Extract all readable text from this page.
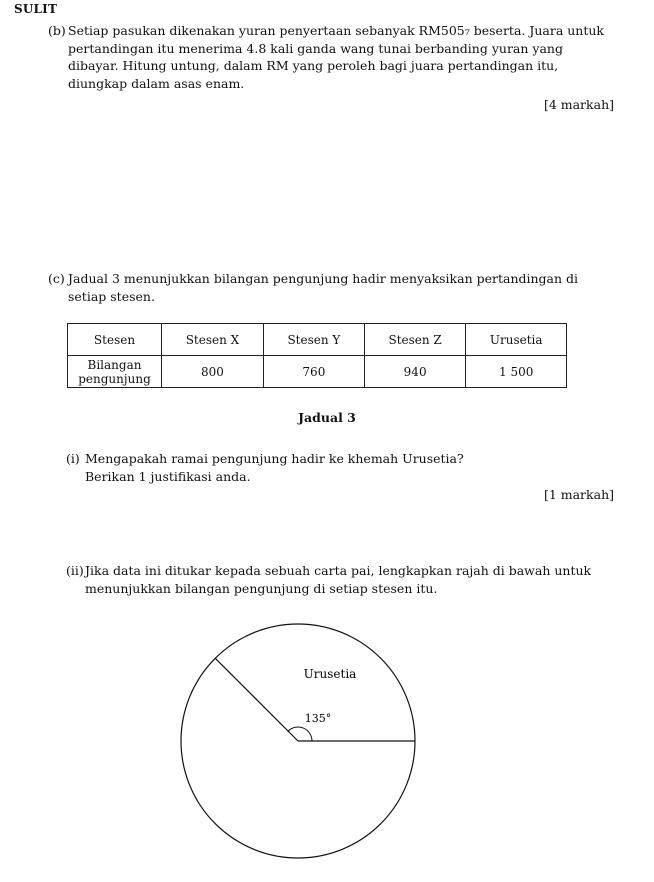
SULIT
(b) Setiap pasukan dikenakan yuran penyertaan sebanyak RM505₇ beserta. Juara untuk pertandingan itu menerima 4.8 kali ganda wang tunai berbanding yuran yang dibayar. Hitung untung, dalam RM yang peroleh bagi juara pertandingan itu, diungkap dalam asas enam.
[4 markah]
(c) Jadual 3 menunjukkan bilangan pengunjung hadir menyaksikan pertandingan di setiap stesen.
Stesen	Stesen X	Stesen Y	Stesen Z	Urusetia
Bilangan pengunjung	800	760	940	1 500
Jadual 3
(i) Mengapakah ramai pengunjung hadir ke khemah Urusetia?
Berikan 1 justifikasi anda.
[1 markah]
(ii) Jika data ini ditukar kepada sebuah carta pai, lengkapkan rajah di bawah untuk menunjukkan bilangan pengunjung di setiap stesen itu.
Urusetia
135°
